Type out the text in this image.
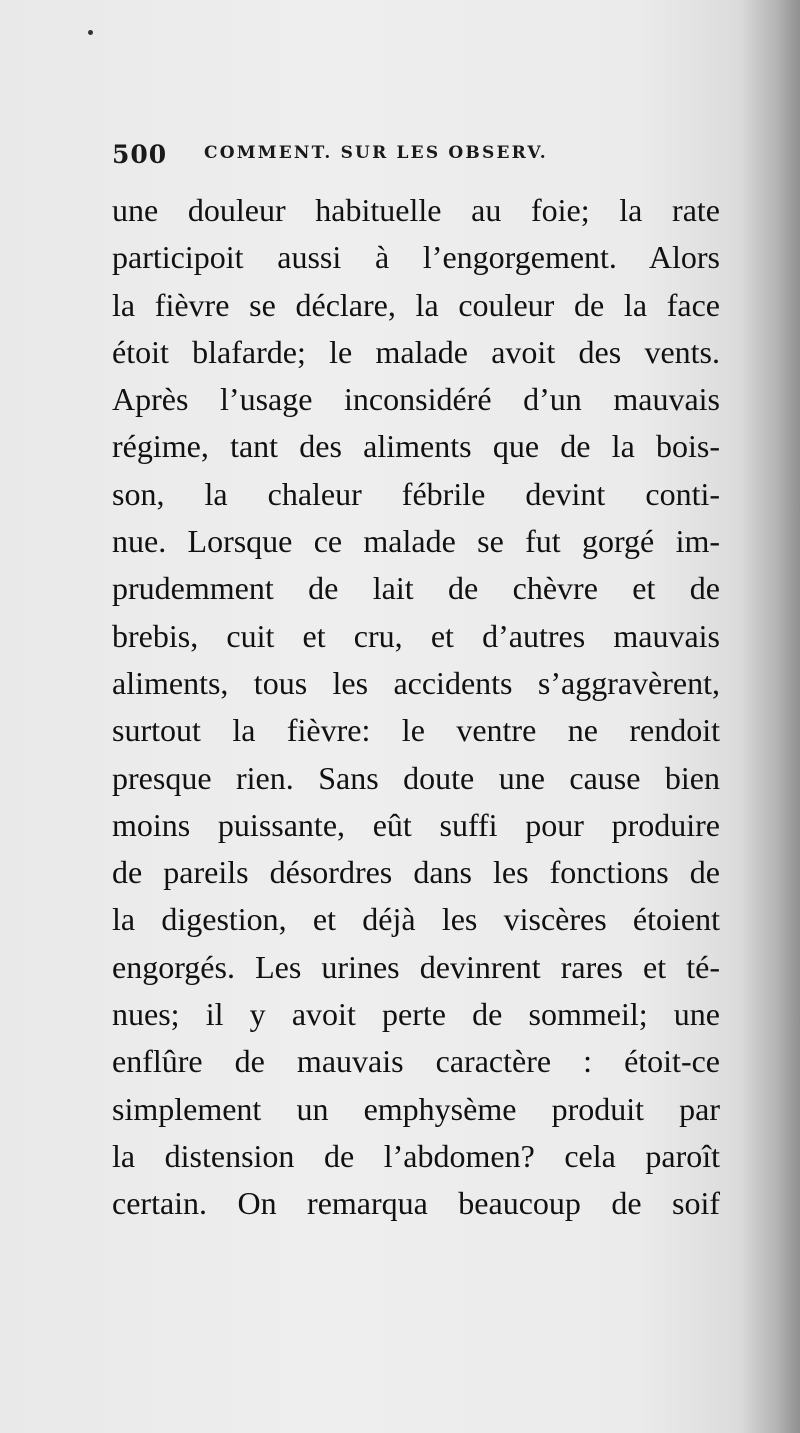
500 COMMENT. SUR LES OBSERV.
une douleur habituelle au foie; la rate
participoit aussi à l’engorgement. Alors
la fièvre se déclare, la couleur de la face
étoit blafarde; le malade avoit des vents.
Après l’usage inconsidéré d’un mauvais
régime, tant des aliments que de la bois-
son, la chaleur fébrile devint conti-
nue. Lorsque ce malade se fut gorgé im-
prudemment de lait de chèvre et de
brebis, cuit et cru, et d’autres mauvais
aliments, tous les accidents s’aggravèrent,
surtout la fièvre: le ventre ne rendoit
presque rien. Sans doute une cause bien
moins puissante, eût suffi pour produire
de pareils désordres dans les fonctions de
la digestion, et déjà les viscères étoient
engorgés. Les urines devinrent rares et té-
nues; il y avoit perte de sommeil; une
enflûre de mauvais caractère : étoit-ce
simplement un emphysème produit par
la distension de l’abdomen? cela paroît
certain. On remarqua beaucoup de soif
